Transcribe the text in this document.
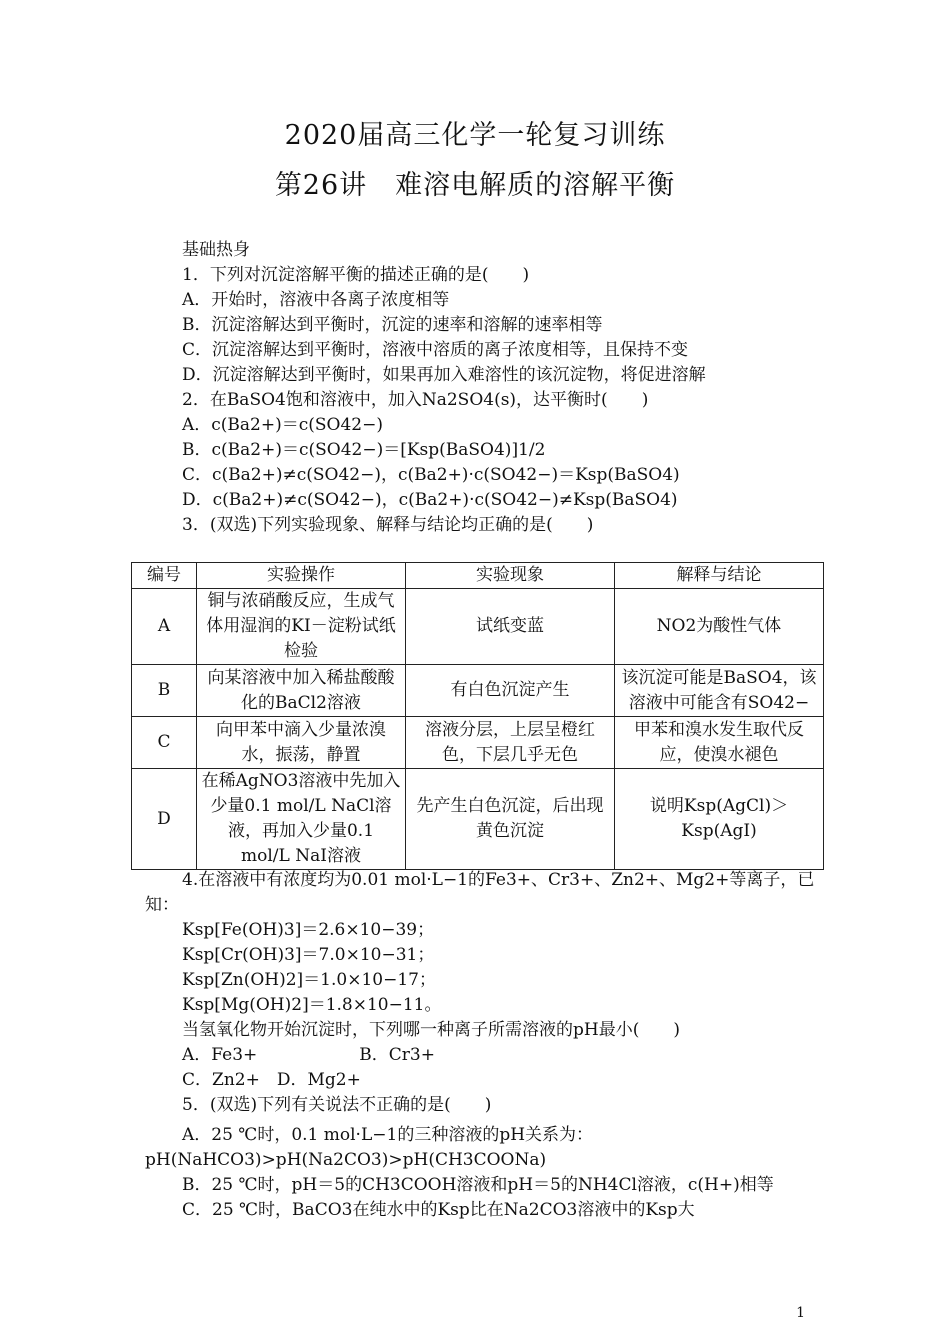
2020届高三化学一轮复习训练
第26讲　难溶电解质的溶解平衡
基础热身
1．下列对沉淀溶解平衡的描述正确的是(　　)
A．开始时，溶液中各离子浓度相等
B．沉淀溶解达到平衡时，沉淀的速率和溶解的速率相等
C．沉淀溶解达到平衡时，溶液中溶质的离子浓度相等，且保持不变
D．沉淀溶解达到平衡时，如果再加入难溶性的该沉淀物，将促进溶解
2．在BaSO4饱和溶液中，加入Na2SO4(s)，达平衡时(　　)
A．c(Ba2+)＝c(SO42−)
B．c(Ba2+)＝c(SO42−)＝[Ksp(BaSO4)]1/2
C．c(Ba2+)≠c(SO42−)，c(Ba2+)·c(SO42−)＝Ksp(BaSO4)
D．c(Ba2+)≠c(SO42−)，c(Ba2+)·c(SO42−)≠Ksp(BaSO4)
3．(双选)下列实验现象、解释与结论均正确的是(　　)
编号	实验操作	实验现象	解释与结论
A	铜与浓硝酸反应，生成气体用湿润的KI－淀粉试纸检验	试纸变蓝	NO2为酸性气体
B	向某溶液中加入稀盐酸酸化的BaCl2溶液	有白色沉淀产生	该沉淀可能是BaSO4，该溶液中可能含有SO42−
C	向甲苯中滴入少量浓溴水，振荡，静置	溶液分层，上层呈橙红色，下层几乎无色	甲苯和溴水发生取代反应，使溴水褪色
D	在稀AgNO3溶液中先加入少量0.1 mol/L NaCl溶液，再加入少量0.1 mol/L NaI溶液	先产生白色沉淀，后出现黄色沉淀	说明Ksp(AgCl)＞Ksp(AgI)
4.在溶液中有浓度均为0.01 mol·L−1的Fe3+、Cr3+、Zn2+、Mg2+等离子，已
知：
Ksp[Fe(OH)3]＝2.6×10−39；
Ksp[Cr(OH)3]＝7.0×10−31；
Ksp[Zn(OH)2]＝1.0×10−17；
Ksp[Mg(OH)2]＝1.8×10−11。
当氢氧化物开始沉淀时，下列哪一种离子所需溶液的pH最小(　　)
A．Fe3+　　　　　　B．Cr3+
C．Zn2+　D．Mg2+
5．(双选)下列有关说法不正确的是(　　)
A．25 ℃时，0.1 mol·L−1的三种溶液的pH关系为：
pH(NaHCO3)>pH(Na2CO3)>pH(CH3COONa)
B．25 ℃时，pH＝5的CH3COOH溶液和pH＝5的NH4Cl溶液，c(H+)相等
C．25 ℃时，BaCO3在纯水中的Ksp比在Na2CO3溶液中的Ksp大
1
